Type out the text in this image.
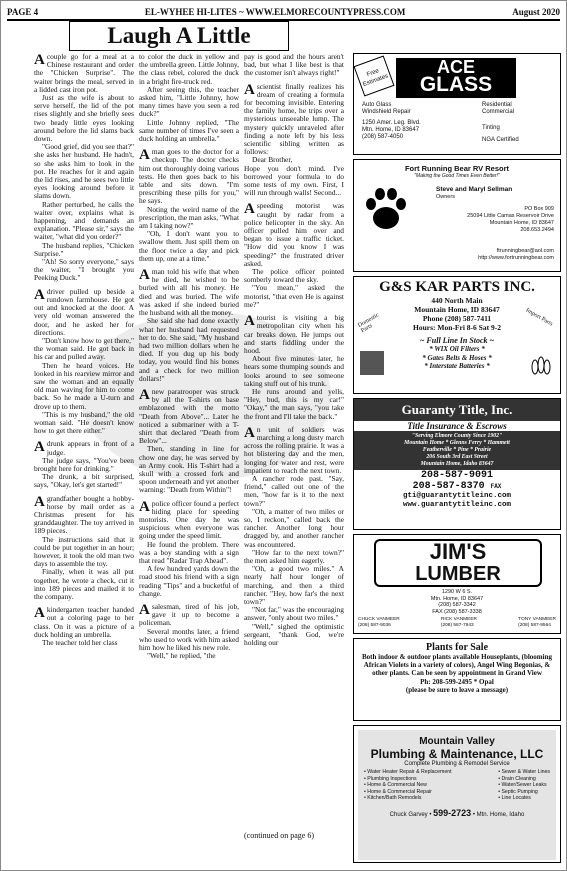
PAGE 4	EL-WYHEE HI-LITES ~ WWW.ELMORECOUNTYPRESS.COM	August 2020
Laugh A Little

A couple go for a meal at a Chinese restaurant and order the "Chicken Surprise". The waiter brings the meal, served in a lidded cast iron pot.

Just as the wife is about to serve herself, the lid of the pot rises slightly and she briefly sees two beady little eyes looking around before the lid slams back down.

"Good grief, did you see that?" she asks her husband. He hadn't, so she asks him to look in the pot. He reaches for it and again the lid rises, and he sees two little eyes looking around before it slams down.

Rather perturbed, he calls the waiter over, explains what is happening, and demands an explanation. "Please sir," says the waiter, "what did you order?"

The husband replies, "Chicken Surprise."

"Ah! So sorry everyone," says the waiter, "I brought you Peeking Duck."

A driver pulled up beside a rundown farmhouse. He got out and knocked at the door. A very old woman answered the door, and he asked her for directions.

"Don't know how to get there," the woman said. He got back in his car and pulled away.

Then he heard voices. He looked in his rearview mirror and saw the woman and an equally old man waving for him to come back. So he made a U-turn and drove up to them.

"This is my husband," the old woman said. "He doesn't know how to get there either."

A drunk appears in front of a judge.

The judge says, "You've been brought here for drinking."

The drunk, a bit surprised, says, "Okay, let's get started!"

A grandfather bought a hobby-horse by mail order as a Christmas present for his granddaughter. The toy arrived in 189 pieces.

The instructions said that it could be put together in an hour; however, it took the old man two days to assemble the toy.

Finally, when it was all put together, he wrote a check, cut it into 189 pieces and mailed it to the company.

A kindergarten teacher handed out a coloring page to her class. On it was a picture of a duck holding an umbrella.

The teacher told her class

to color the duck in yellow and the umbrella green. Little Johnny, the class rebel, colored the duck in a bright fire-truck red.

After seeing this, the teacher asked him, "Little Johnny, how many times have you seen a red duck?"

Little Johnny replied, "The same number of times I've seen a duck holding an umbrella."

A man goes to the doctor for a checkup. The doctor checks him out thoroughly doing various tests. He then goes back to his table and sits down. "I'm prescribing these pills for you," he says.

Noting the weird name of the prescription, the man asks, "What am I taking now?"

"Oh, I don't want you to swallow them. Just spill them on the floor twice a day and pick them up, one at a time."

A man told his wife that when he died, he wished to be buried with all his money. He died and was buried. The wife was asked if she indeed buried the husband with all the money.

She said she had done exactly what her husband had requested her to do. She said, "My husband had two million dollars when he died. If you dug up his body today, you would find his bones and a check for two million dollars!"

A new paratrooper was struck by all the T-shirts on base emblazoned with the motto "Death from Above"... Later he noticed a submariner with a T-shirt that declared "Death from Below"...

Then, standing in line for chow one day, he was served by an Army cook. His T-shirt had a skull with a crossed fork and spoon underneath and yet another warning: "Death from Within"!

A police officer found a perfect hiding place for speeding motorists. One day he was suspicious when everyone was going under the speed limit.

He found the problem. There was a boy standing with a sign that read "Radar Trap Ahead".

A few hundred yards down the road stood his friend with a sign reading "Tips" and a bucketful of change.

A salesman, tired of his job, gave it up to become a policeman.

Several months later, a friend who used to work with him asked him how he liked his new role.

"Well," he replied, "the

pay is good and the hours aren't bad, but what I like best is that the customer isn't always right!"

A scientist finally realizes his dream of creating a formula for becoming invisible. Entering the family home, he trips over a mysterious unseeable lump. The mystery quickly unraveled after finding a note left by his less scientific sibling written as follows:

Dear Brother,

Hope you don't mind. I've borrowed your formula to do some tests of my own. First, I will run through walls! Second...

A speeding motorist was caught by radar from a police helicopter in the sky. An officer pulled him over and began to issue a traffic ticket. "How did you know I was speeding?" the frustrated driver asked.

The police officer pointed somberly toward the sky.

"You mean," asked the motorist, "that even He is against me?"

A tourist is visiting a big metropolitan city when his car breaks down. He jumps out and starts fiddling under the hood.

About five minutes later, he hears some thumping sounds and looks around to see someone taking stuff out of his trunk.

He runs around and yells, "Hey, bud, this is my car!" "Okay," the man says, "you take the front and I'll take the back."

An unit of soldiers was marching a long dusty march across the rolling prairie. It was a hot blistering day and the men, longing for water and rest, were impatient to reach the next town.

A rancher rode past. "Say, friend," called out one of the men, "how far is it to the next town?"

"Oh, a matter of two miles or so, I reckon," called back the rancher. Another long hour dragged by, and another rancher was encountered.

"How far to the next town?" the men asked him eagerly.

"Oh, a good two miles." A nearly half hour longer of marching, and then a third rancher. "Hey, how far's the next town?"

"Not far," was the encouraging answer, "only about two miles."

"Well," sighed the optimistic sergeant, "thank God, we're holding our

(continued on page 6)
Free Estimates
ACE
GLASS
Auto Glass
Windshield Repair
Residential
Commercial
1250 Amer. Leg. Blvd.
Mtn. Home, ID 83647
(208) 587-4050
Tinting
NGA Certified
Fort Running Bear RV Resort
"Making the Good Times Even Better!"
Steve and Maryl Sellman
Owners
PO Box 909
25094 Little Camas Reservoir Drive
Mountain Home, ID 83647
208.653.2494
ftrunningbear@aol.com
http://www.fortrunningbear.com
G&S KAR PARTS INC.
440 North Main
Mountain Home, ID 83647
Phone (208) 587-7411
Hours: Mon-Fri 8-6 Sat 9-2
Domestic Parts
Import Parts
~ Full Line In Stock ~
* WIX Oil Filters *
* Gates Belts & Hoses *
* Interstate Batteries *
Guaranty Title, Inc.
Title Insurance & Escrows
"Serving Elmore County Since 1902"
Mountain Home * Glenns Ferry * Hammett
Featherville * Pine * Prairie
206 South 3rd East Street
Mountain Home, Idaho 83647
208-587-9091
208-587-8370 FAX
gti@guarantytitleinc.com
www.guarantytitleinc.com
JIM'S
LUMBER
1290 W 6 S.
Mtn. Home, ID 83647
(208) 587-3342
FAX (208) 587-3338
CHUCK VANMEER
(208) 587-9036
RICK VANMEER
(208) 587-7943
TONY VANMEER
(208) 587-9564
Plants for Sale
Both indoor & outdoor plants available Houseplants, (blooming African Violets in a variety of colors), Angel Wing Begonias, & other plants. Can be seen by appointment in Grand View
Ph: 208-599-2495 * Opal
(please be sure to leave a message)
Mountain Valley
Plumbing & Maintenance, LLC
Complete Plumbing & Remodel Service
• Water Heater Repair & Replacement
• Plumbing Inspections
• Home & Commercial New
• Home & Commercial Repair
• Kitchen/Bath Remodels
• Sewer & Water Lines
• Drain Cleaning
• Water/Sewer Leaks
• Septic Pumping
• Line Locates
Chuck Garvey • 599-2723 • Mtn. Home, Idaho
